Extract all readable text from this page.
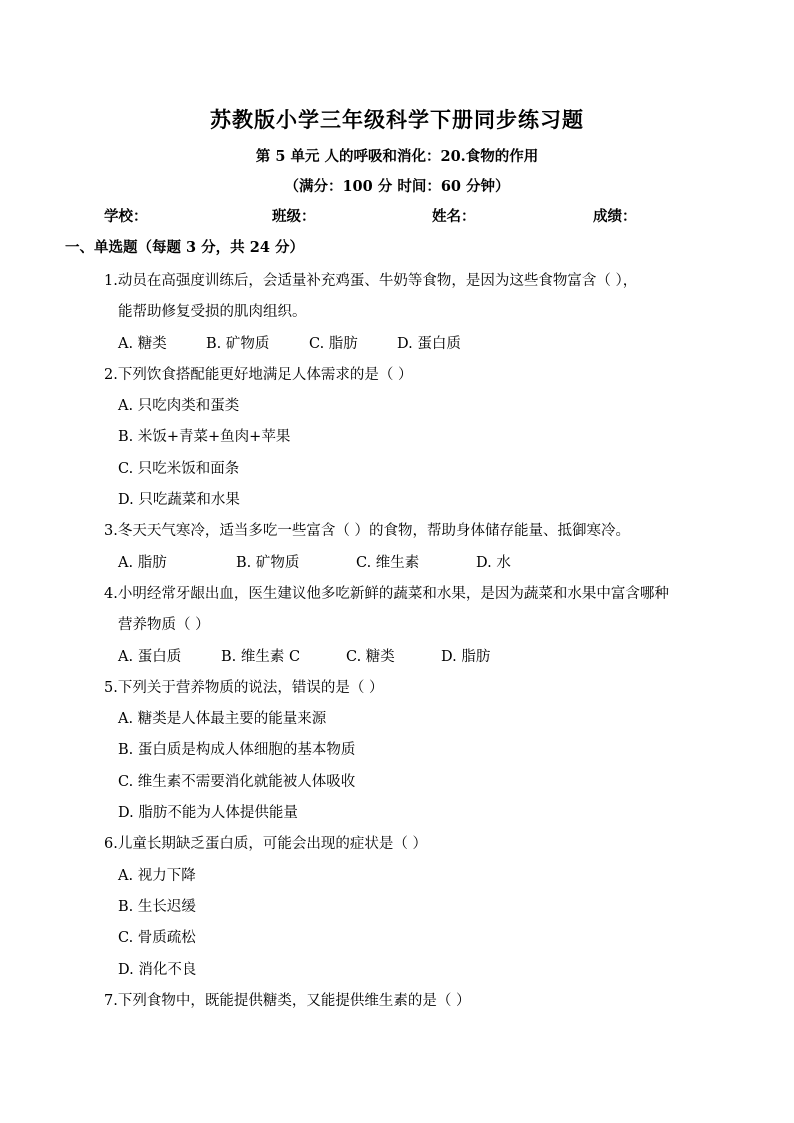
苏教版小学三年级科学下册同步练习题
第 5 单元 人的呼吸和消化：20.食物的作用
（满分：100 分 时间：60 分钟）
学校：	班级：	姓名：	成绩：
一、单选题（每题 3 分，共 24 分）
1.动员在高强度训练后，会适量补充鸡蛋、牛奶等食物，是因为这些食物富含（ ），
能帮助修复受损的肌肉组织。
A. 糖类	B. 矿物质	C. 脂肪	D. 蛋白质
2.下列饮食搭配能更好地满足人体需求的是（ ）
A. 只吃肉类和蛋类
B. 米饭+青菜+鱼肉+苹果
C. 只吃米饭和面条
D. 只吃蔬菜和水果
3.冬天天气寒冷，适当多吃一些富含（ ）的食物，帮助身体储存能量、抵御寒冷。
A. 脂肪	B. 矿物质	C. 维生素	D. 水
4.小明经常牙龈出血，医生建议他多吃新鲜的蔬菜和水果，是因为蔬菜和水果中富含哪种
营养物质（ ）
A. 蛋白质	B. 维生素 C	C. 糖类	D. 脂肪
5.下列关于营养物质的说法，错误的是（ ）
A. 糖类是人体最主要的能量来源
B. 蛋白质是构成人体细胞的基本物质
C. 维生素不需要消化就能被人体吸收
D. 脂肪不能为人体提供能量
6.儿童长期缺乏蛋白质，可能会出现的症状是（ ）
A. 视力下降
B. 生长迟缓
C. 骨质疏松
D. 消化不良
7.下列食物中，既能提供糖类，又能提供维生素的是（ ）
